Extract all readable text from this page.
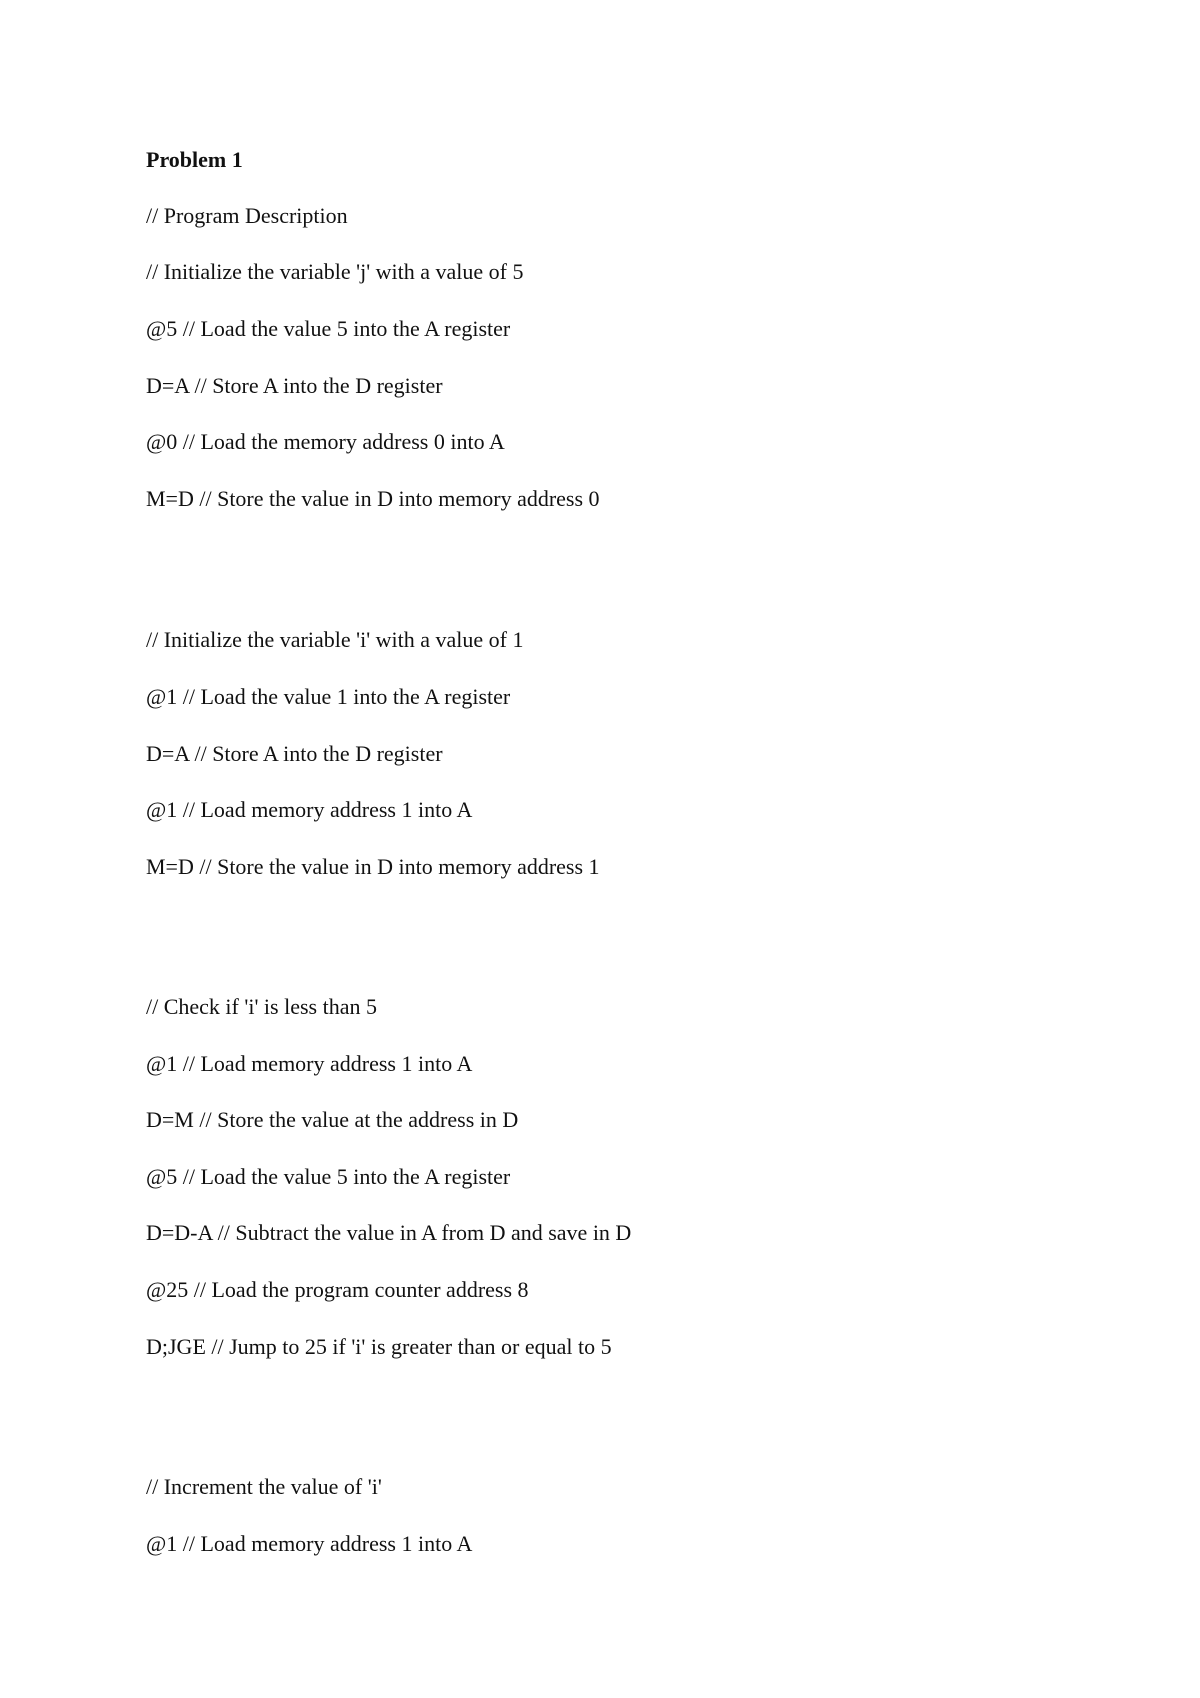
Problem 1
// Program Description
// Initialize the variable 'j' with a value of 5
@5 // Load the value 5 into the A register
D=A // Store A into the D register
@0 // Load the memory address 0 into A
M=D // Store the value in D into memory address 0
// Initialize the variable 'i' with a value of 1
@1 // Load the value 1 into the A register
D=A // Store A into the D register
@1 // Load memory address 1 into A
M=D // Store the value in D into memory address 1
// Check if 'i' is less than 5
@1 // Load memory address 1 into A
D=M // Store the value at the address in D
@5 // Load the value 5 into the A register
D=D-A // Subtract the value in A from D and save in D
@25 // Load the program counter address 8
D;JGE // Jump to 25 if 'i' is greater than or equal to 5
// Increment the value of 'i'
@1 // Load memory address 1 into A
